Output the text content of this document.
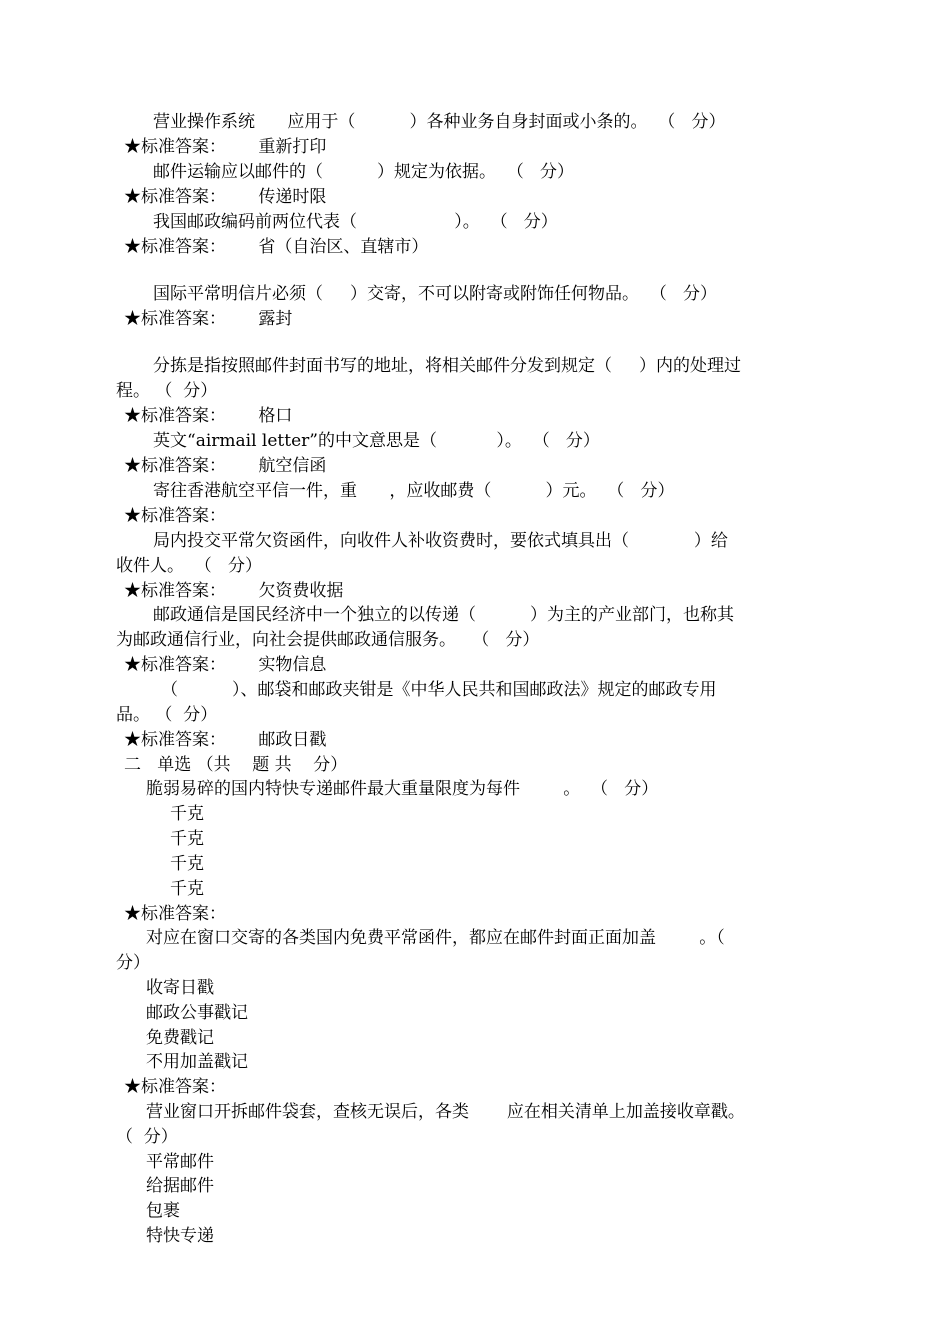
营业操作系统      应用于（          ）各种业务自身封面或小条的。  （   分）
★标准答案：      重新打印
邮件运输应以邮件的（          ）规定为依据。  （   分）
★标准答案：      传递时限
我国邮政编码前两位代表（                  ）。  （   分）
★标准答案：      省（自治区、直辖市）
国际平常明信片必须（     ）交寄，不可以附寄或附饰任何物品。  （   分）
★标准答案：      露封
分拣是指按照邮件封面书写的地址，将相关邮件分发到规定（     ）内的处理过
程。 （  分）
★标准答案：      格口
英文“airmail letter”的中文意思是（           ）。  （   分）
★标准答案：      航空信函
寄往香港航空平信一件，重      ，应收邮费（          ）元。  （   分）
★标准答案：
局内投交平常欠资函件，向收件人补收资费时，要依式填具出（            ）给
收件人。  （   分）
★标准答案：      欠资费收据
邮政通信是国民经济中一个独立的以传递（          ）为主的产业部门，也称其
为邮政通信行业，向社会提供邮政通信服务。   （   分）
★标准答案：      实物信息
（          ）、邮袋和邮政夹钳是《中华人民共和国邮政法》规定的邮政专用
品。 （  分）
★标准答案：      邮政日戳
二   单选 （共    题 共    分）
脆弱易碎的国内特快专递邮件最大重量限度为每件        。  （   分）
千克
千克
千克
千克
★标准答案：
对应在窗口交寄的各类国内免费平常函件，都应在邮件封面正面加盖        。（
分）
收寄日戳
邮政公事戳记
免费戳记
不用加盖戳记
★标准答案：
营业窗口开拆邮件袋套，查核无误后，各类       应在相关清单上加盖接收章戳。
（  分）
平常邮件
给据邮件
包裹
特快专递
